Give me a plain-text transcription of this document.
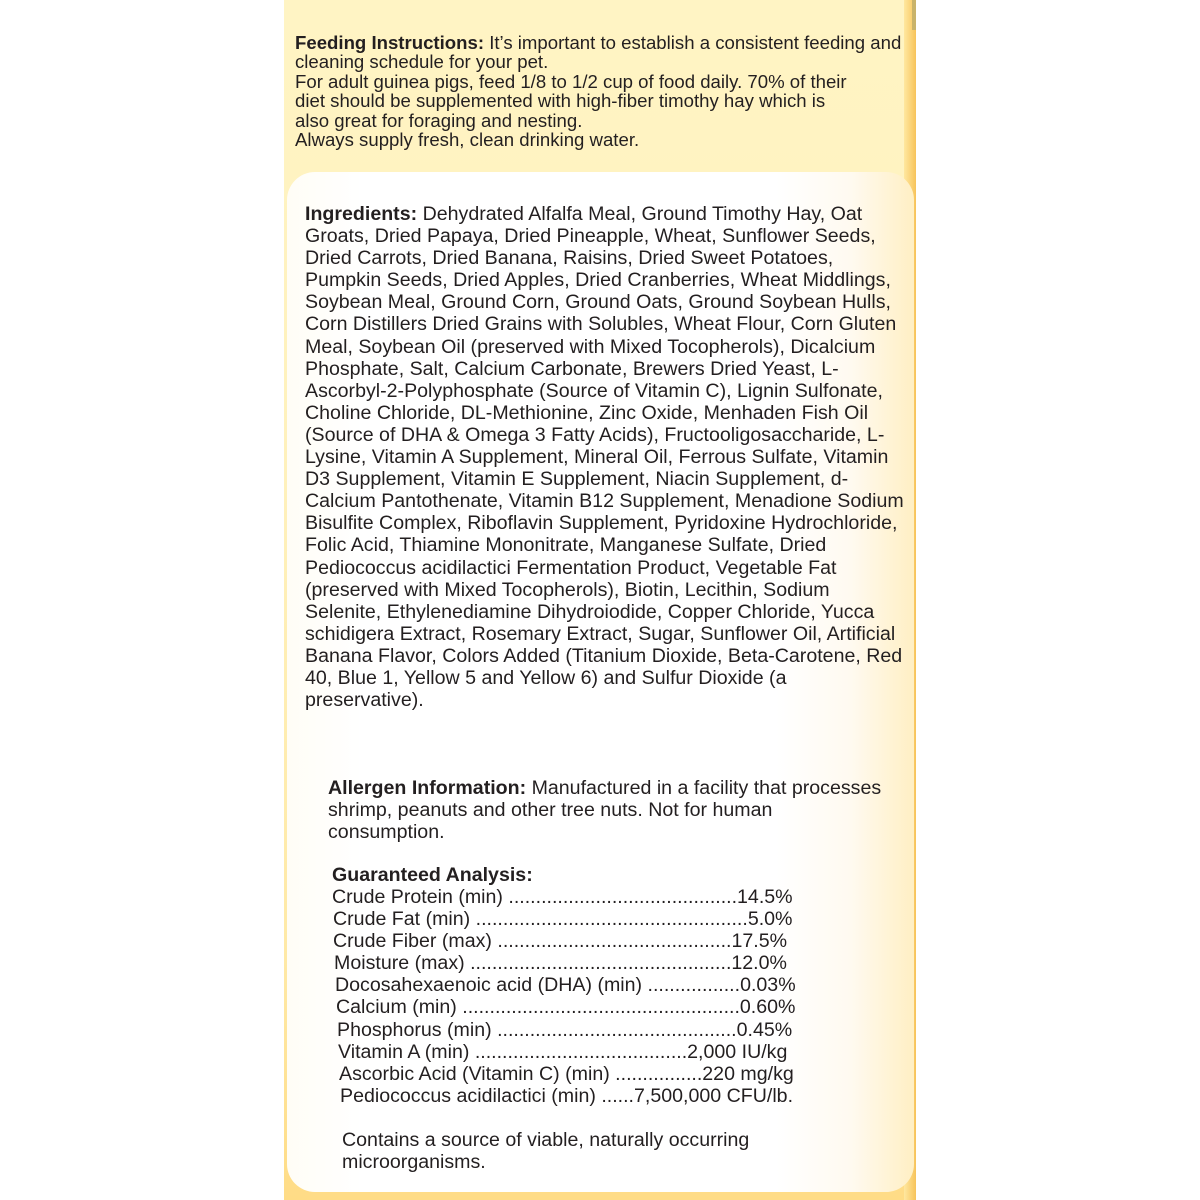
Feeding Instructions: It’s important to establish a consistent feeding and cleaning schedule for your pet.

For adult guinea pigs, feed 1/8 to 1/2 cup of food daily. 70% of their

diet should be supplemented with high-fiber timothy hay which is

also great for foraging and nesting.

Always supply fresh, clean drinking water.

Ingredients: Dehydrated Alfalfa Meal, Ground Timothy Hay, Oat Groats, Dried Papaya, Dried Pineapple, Wheat, Sunflower Seeds, Dried Carrots, Dried Banana, Raisins, Dried Sweet Potatoes, Pumpkin Seeds, Dried Apples, Dried Cranberries, Wheat Middlings, Soybean Meal, Ground Corn, Ground Oats, Ground Soybean Hulls, Corn Distillers Dried Grains with Solubles, Wheat Flour, Corn Gluten Meal, Soybean Oil (preserved with Mixed Tocopherols), Dicalcium Phosphate, Salt, Calcium Carbonate, Brewers Dried Yeast, L-Ascorbyl-2-Polyphosphate (Source of Vitamin C), Lignin Sulfonate, Choline Chloride, DL-Methionine, Zinc Oxide, Menhaden Fish Oil (Source of DHA & Omega 3 Fatty Acids), Fructooligosaccharide, L-Lysine, Vitamin A Supplement, Mineral Oil, Ferrous Sulfate, Vitamin D3 Supplement, Vitamin E Supplement, Niacin Supplement, d-Calcium Pantothenate, Vitamin B12 Supplement, Menadione Sodium Bisulfite Complex, Riboflavin Supplement, Pyridoxine Hydrochloride, Folic Acid, Thiamine Mononitrate, Manganese Sulfate, Dried Pediococcus acidilactici Fermentation Product, Vegetable Fat (preserved with Mixed Tocopherols), Biotin, Lecithin, Sodium Selenite, Ethylenediamine Dihydroiodide, Copper Chloride, Yucca schidigera Extract, Rosemary Extract, Sugar, Sunflower Oil, Artificial Banana Flavor, Colors Added (Titanium Dioxide, Beta-Carotene, Red 40, Blue 1, Yellow 5 and Yellow 6) and Sulfur Dioxide (a preservative).
Allergen Information: Manufactured in a facility that processes shrimp, peanuts and other tree nuts. Not for human consumption.
Guaranteed Analysis:
Crude Protein (min) ..........................................14.5%
Crude Fat (min) ..................................................5.0%
Crude Fiber (max) ...........................................17.5%
Moisture (max) ................................................12.0%
Docosahexaenoic acid (DHA) (min) .................0.03%
Calcium (min) ...................................................0.60%
Phosphorus (min) ............................................0.45%
Vitamin A (min) .......................................2,000 IU/kg
Ascorbic Acid (Vitamin C) (min) ................220 mg/kg
Pediococcus acidilactici (min) ......7,500,000 CFU/lb.
Contains a source of viable, naturally occurring microorganisms.
